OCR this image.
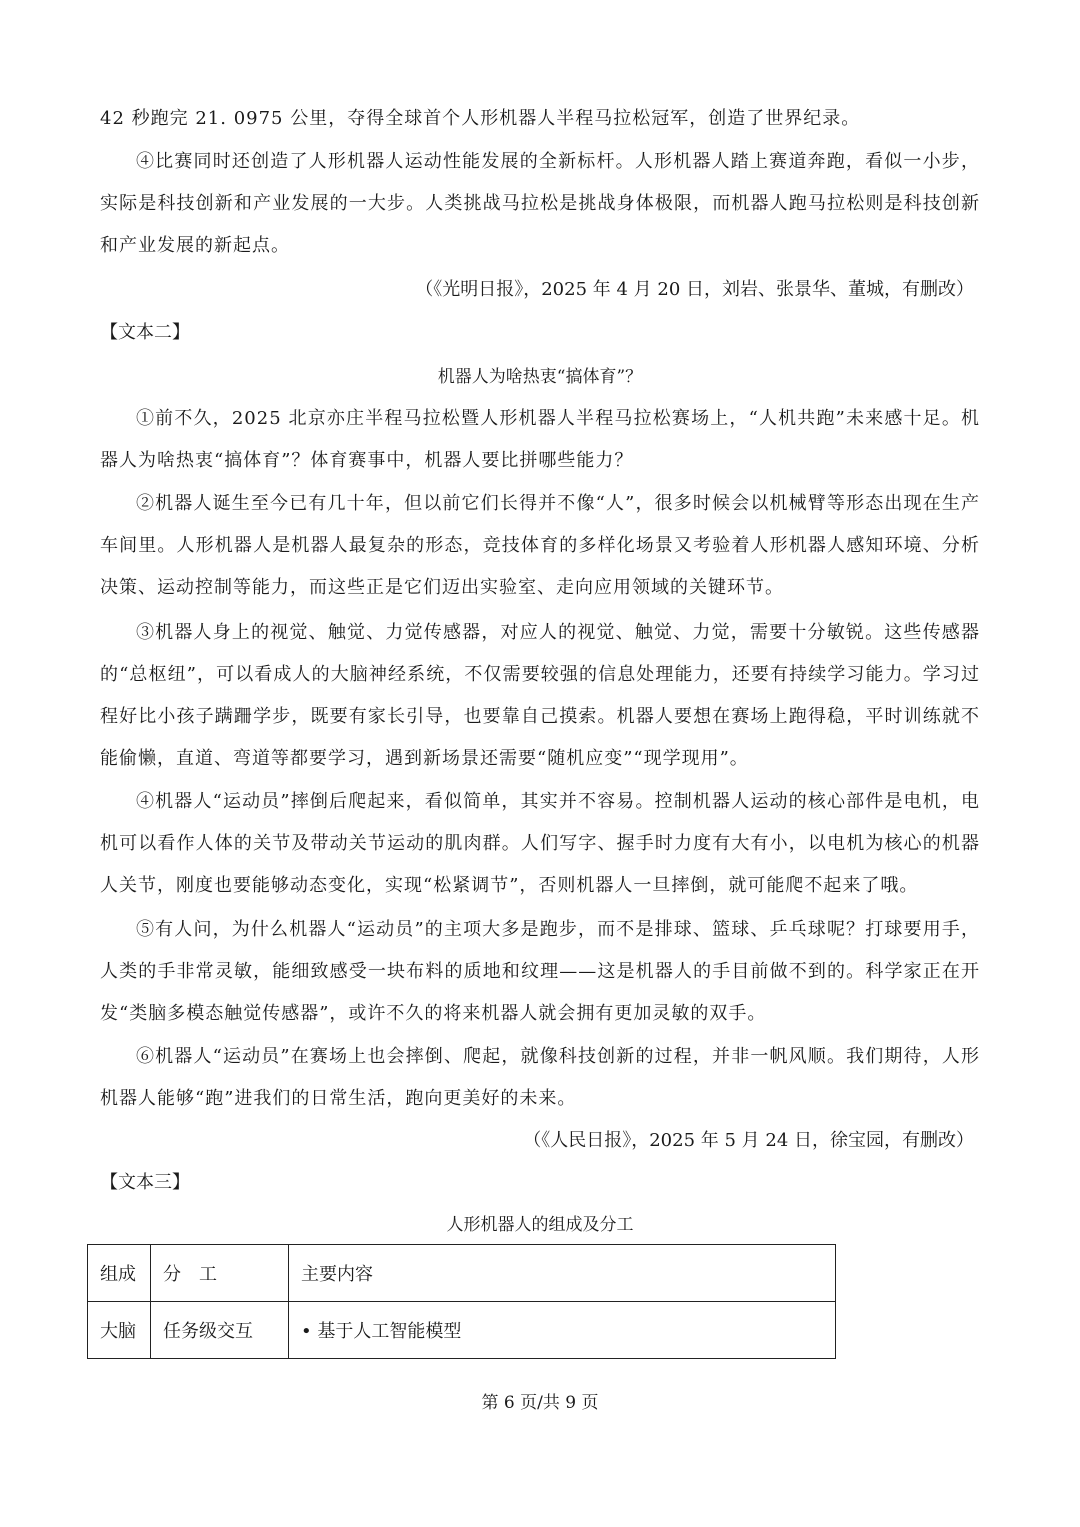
42 秒跑完 21. 0975 公里，夺得全球首个人形机器人半程马拉松冠军，创造了世界纪录。

④比赛同时还创造了人形机器人运动性能发展的全新标杆。人形机器人踏上赛道奔跑，看似一小步，实际是科技创新和产业发展的一大步。人类挑战马拉松是挑战身体极限，而机器人跑马拉松则是科技创新和产业发展的新起点。

（《光明日报》，2025 年 4 月 20 日，刘岩、张景华、董城，有删改）

【文本二】

机器人为啥热衷“搞体育”？

①前不久，2025 北京亦庄半程马拉松暨人形机器人半程马拉松赛场上，“人机共跑”未来感十足。机器人为啥热衷“搞体育”？体育赛事中，机器人要比拼哪些能力？

②机器人诞生至今已有几十年，但以前它们长得并不像“人”，很多时候会以机械臂等形态出现在生产车间里。人形机器人是机器人最复杂的形态，竞技体育的多样化场景又考验着人形机器人感知环境、分析决策、运动控制等能力，而这些正是它们迈出实验室、走向应用领域的关键环节。

③机器人身上的视觉、触觉、力觉传感器，对应人的视觉、触觉、力觉，需要十分敏锐。这些传感器的“总枢纽”，可以看成人的大脑神经系统，不仅需要较强的信息处理能力，还要有持续学习能力。学习过程好比小孩子蹒跚学步，既要有家长引导，也要靠自己摸索。机器人要想在赛场上跑得稳，平时训练就不能偷懒，直道、弯道等都要学习，遇到新场景还需要“随机应变”“现学现用”。

④机器人“运动员”摔倒后爬起来，看似简单，其实并不容易。控制机器人运动的核心部件是电机，电机可以看作人体的关节及带动关节运动的肌肉群。人们写字、握手时力度有大有小，以电机为核心的机器人关节，刚度也要能够动态变化，实现“松紧调节”，否则机器人一旦摔倒，就可能爬不起来了哦。

⑤有人问，为什么机器人“运动员”的主项大多是跑步，而不是排球、篮球、乒乓球呢？打球要用手，人类的手非常灵敏，能细致感受一块布料的质地和纹理——这是机器人的手目前做不到的。科学家正在开发“类脑多模态触觉传感器”，或许不久的将来机器人就会拥有更加灵敏的双手。

⑥机器人“运动员”在赛场上也会摔倒、爬起，就像科技创新的过程，并非一帆风顺。我们期待，人形机器人能够“跑”进我们的日常生活，跑向更美好的未来。

（《人民日报》，2025 年 5 月 24 日，徐宝园，有删改）

【文本三】

人形机器人的组成及分工

组成	分　工	主要内容
大脑	任务级交互	• 基于人工智能模型

第 6 页/共 9 页
